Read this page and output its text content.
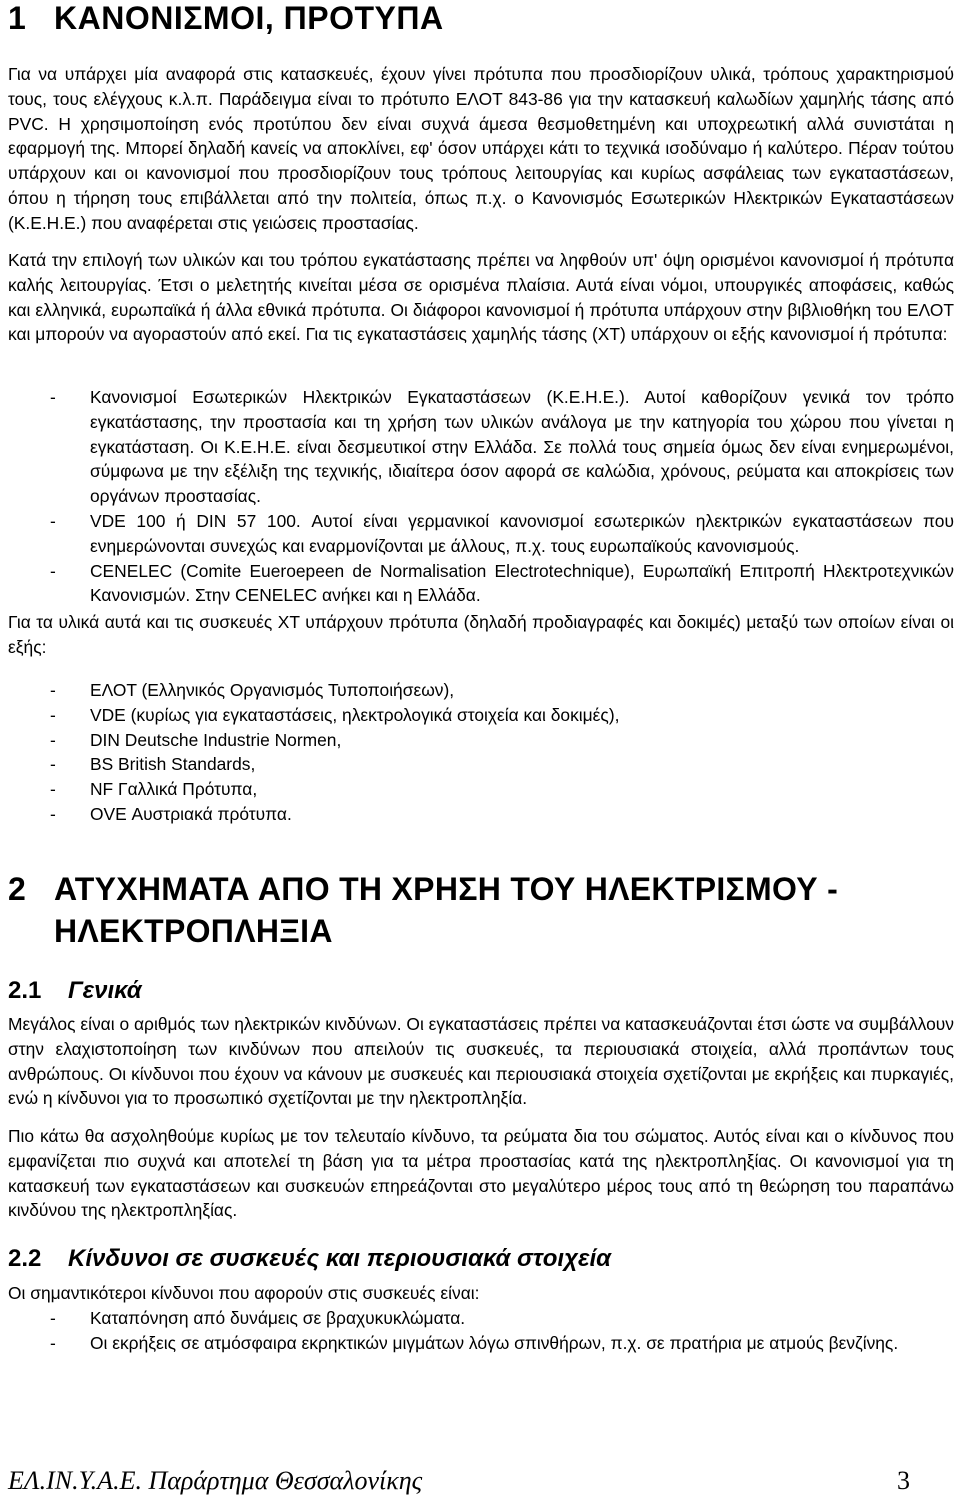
1 ΚΑΝΟΝΙΣΜΟΙ, ΠΡΟΤΥΠΑ

Για να υπάρχει μία αναφορά στις κατασκευές, έχουν γίνει πρότυπα που προσδιορίζουν υλικά, τρόπους χαρακτηρισμού τους, τους ελέγχους κ.λ.π. Παράδειγμα είναι το πρότυπο ΕΛΟΤ 843-86 για την κατασκευή καλωδίων χαμηλής τάσης από PVC. Η χρησιμοποίηση ενός προτύπου δεν είναι συχνά άμεσα θεσμοθετημένη και υποχρεωτική αλλά συνιστάται η εφαρμογή της. Μπορεί δηλαδή κανείς να αποκλίνει, εφ' όσον υπάρχει κάτι το τεχνικά ισοδύναμο ή καλύτερο. Πέραν τούτου υπάρχουν και οι κανονισμοί που προσδιορίζουν τους τρόπους λειτουργίας και κυρίως ασφάλειας των εγκαταστάσεων, όπου η τήρηση τους επιβάλλεται από την πολιτεία, όπως π.χ. ο Κανονισμός Εσωτερικών Ηλεκτρικών Εγκαταστάσεων (Κ.Ε.Η.Ε.) που αναφέρεται στις γειώσεις προστασίας.

Κατά την επιλογή των υλικών και του τρόπου εγκατάστασης πρέπει να ληφθούν υπ' όψη ορισμένοι κανονισμοί ή πρότυπα καλής λειτουργίας. Έτσι ο μελετητής κινείται μέσα σε ορισμένα πλαίσια. Αυτά είναι νόμοι, υπουργικές αποφάσεις, καθώς και ελληνικά, ευρωπαϊκά ή άλλα εθνικά πρότυπα. Οι διάφοροι κανονισμοί ή πρότυπα υπάρχουν στην βιβλιοθήκη του ΕΛΟΤ και μπορούν να αγοραστούν από εκεί. Για τις εγκαταστάσεις χαμηλής τάσης (ΧΤ) υπάρχουν οι εξής κανονισμοί ή πρότυπα:

- Κανονισμοί Εσωτερικών Ηλεκτρικών Εγκαταστάσεων (Κ.Ε.Η.Ε.). Αυτοί καθορίζουν γενικά τον τρόπο εγκατάστασης, την προστασία και τη χρήση των υλικών ανάλογα με την κατηγορία του χώρου που γίνεται η εγκατάσταση. Οι Κ.Ε.Η.Ε. είναι δεσμευτικοί στην Ελλάδα. Σε πολλά τους σημεία όμως δεν είναι ενημερωμένοι, σύμφωνα με την εξέλιξη της τεχνικής, ιδιαίτερα όσον αφορά σε καλώδια, χρόνους, ρεύματα και αποκρίσεις των οργάνων προστασίας.
- VDE 100 ή DIN 57 100. Αυτοί είναι γερμανικοί κανονισμοί εσωτερικών ηλεκτρικών εγκαταστάσεων που ενημερώνονται συνεχώς και εναρμονίζονται με άλλους, π.χ. τους ευρωπαϊκούς κανονισμούς.
- CENELEC (Comite Eueroepeen de Normalisation Electrotechnique), Ευρωπαϊκή Επιτροπή Ηλεκτροτεχνικών Κανονισμών. Στην CENELEC ανήκει και η Ελλάδα.

Για τα υλικά αυτά και τις συσκευές ΧΤ υπάρχουν πρότυπα (δηλαδή προδιαγραφές και δοκιμές) μεταξύ των οποίων είναι οι εξής:

- ΕΛΟΤ (Ελληνικός Οργανισμός Τυποποιήσεων),
- VDE (κυρίως για εγκαταστάσεις, ηλεκτρολογικά στοιχεία και δοκιμές),
- DIN Deutsche Industrie Normen,
- BS British Standards,
- NF Γαλλικά Πρότυπα,
- OVE Αυστριακά πρότυπα.
2 ΑΤΥΧΗΜΑΤΑ ΑΠΟ ΤΗ ΧΡΗΣΗ ΤΟΥ ΗΛΕΚΤΡΙΣΜΟΥ -
ΗΛΕΚΤΡΟΠΛΗΞΙΑ
2.1 Γενικά

Μεγάλος είναι ο αριθμός των ηλεκτρικών κινδύνων. Οι εγκαταστάσεις πρέπει να κατασκευάζονται έτσι ώστε να συμβάλλουν στην ελαχιστοποίηση των κινδύνων που απειλούν τις συσκευές, τα περιουσιακά στοιχεία, αλλά προπάντων τους ανθρώπους. Οι κίνδυνοι που έχουν να κάνουν με συσκευές και περιουσιακά στοιχεία σχετίζονται με εκρήξεις και πυρκαγιές, ενώ η κίνδυνοι για το προσωπικό σχετίζονται με την ηλεκτροπληξία.

Πιο κάτω θα ασχοληθούμε κυρίως με τον τελευταίο κίνδυνο, τα ρεύματα δια του σώματος. Αυτός είναι και ο κίνδυνος που εμφανίζεται πιο συχνά και αποτελεί τη βάση για τα μέτρα προστασίας κατά της ηλεκτροπληξίας. Οι κανονισμοί για τη κατασκευή των εγκαταστάσεων και συσκευών επηρεάζονται στο μεγαλύτερο μέρος τους από τη θεώρηση του παραπάνω κινδύνου της ηλεκτροπληξίας.

2.2 Κίνδυνοι σε συσκευές και περιουσιακά στοιχεία

Οι σημαντικότεροι κίνδυνοι που αφορούν στις συσκευές είναι:

- Καταπόνηση από δυνάμεις σε βραχυκυκλώματα.
- Οι εκρήξεις σε ατμόσφαιρα εκρηκτικών μιγμάτων λόγω σπινθήρων, π.χ. σε πρατήρια με ατμούς βενζίνης.
ΕΛ.ΙΝ.Υ.Α.Ε. Παράρτημα Θεσσαλονίκης	3
